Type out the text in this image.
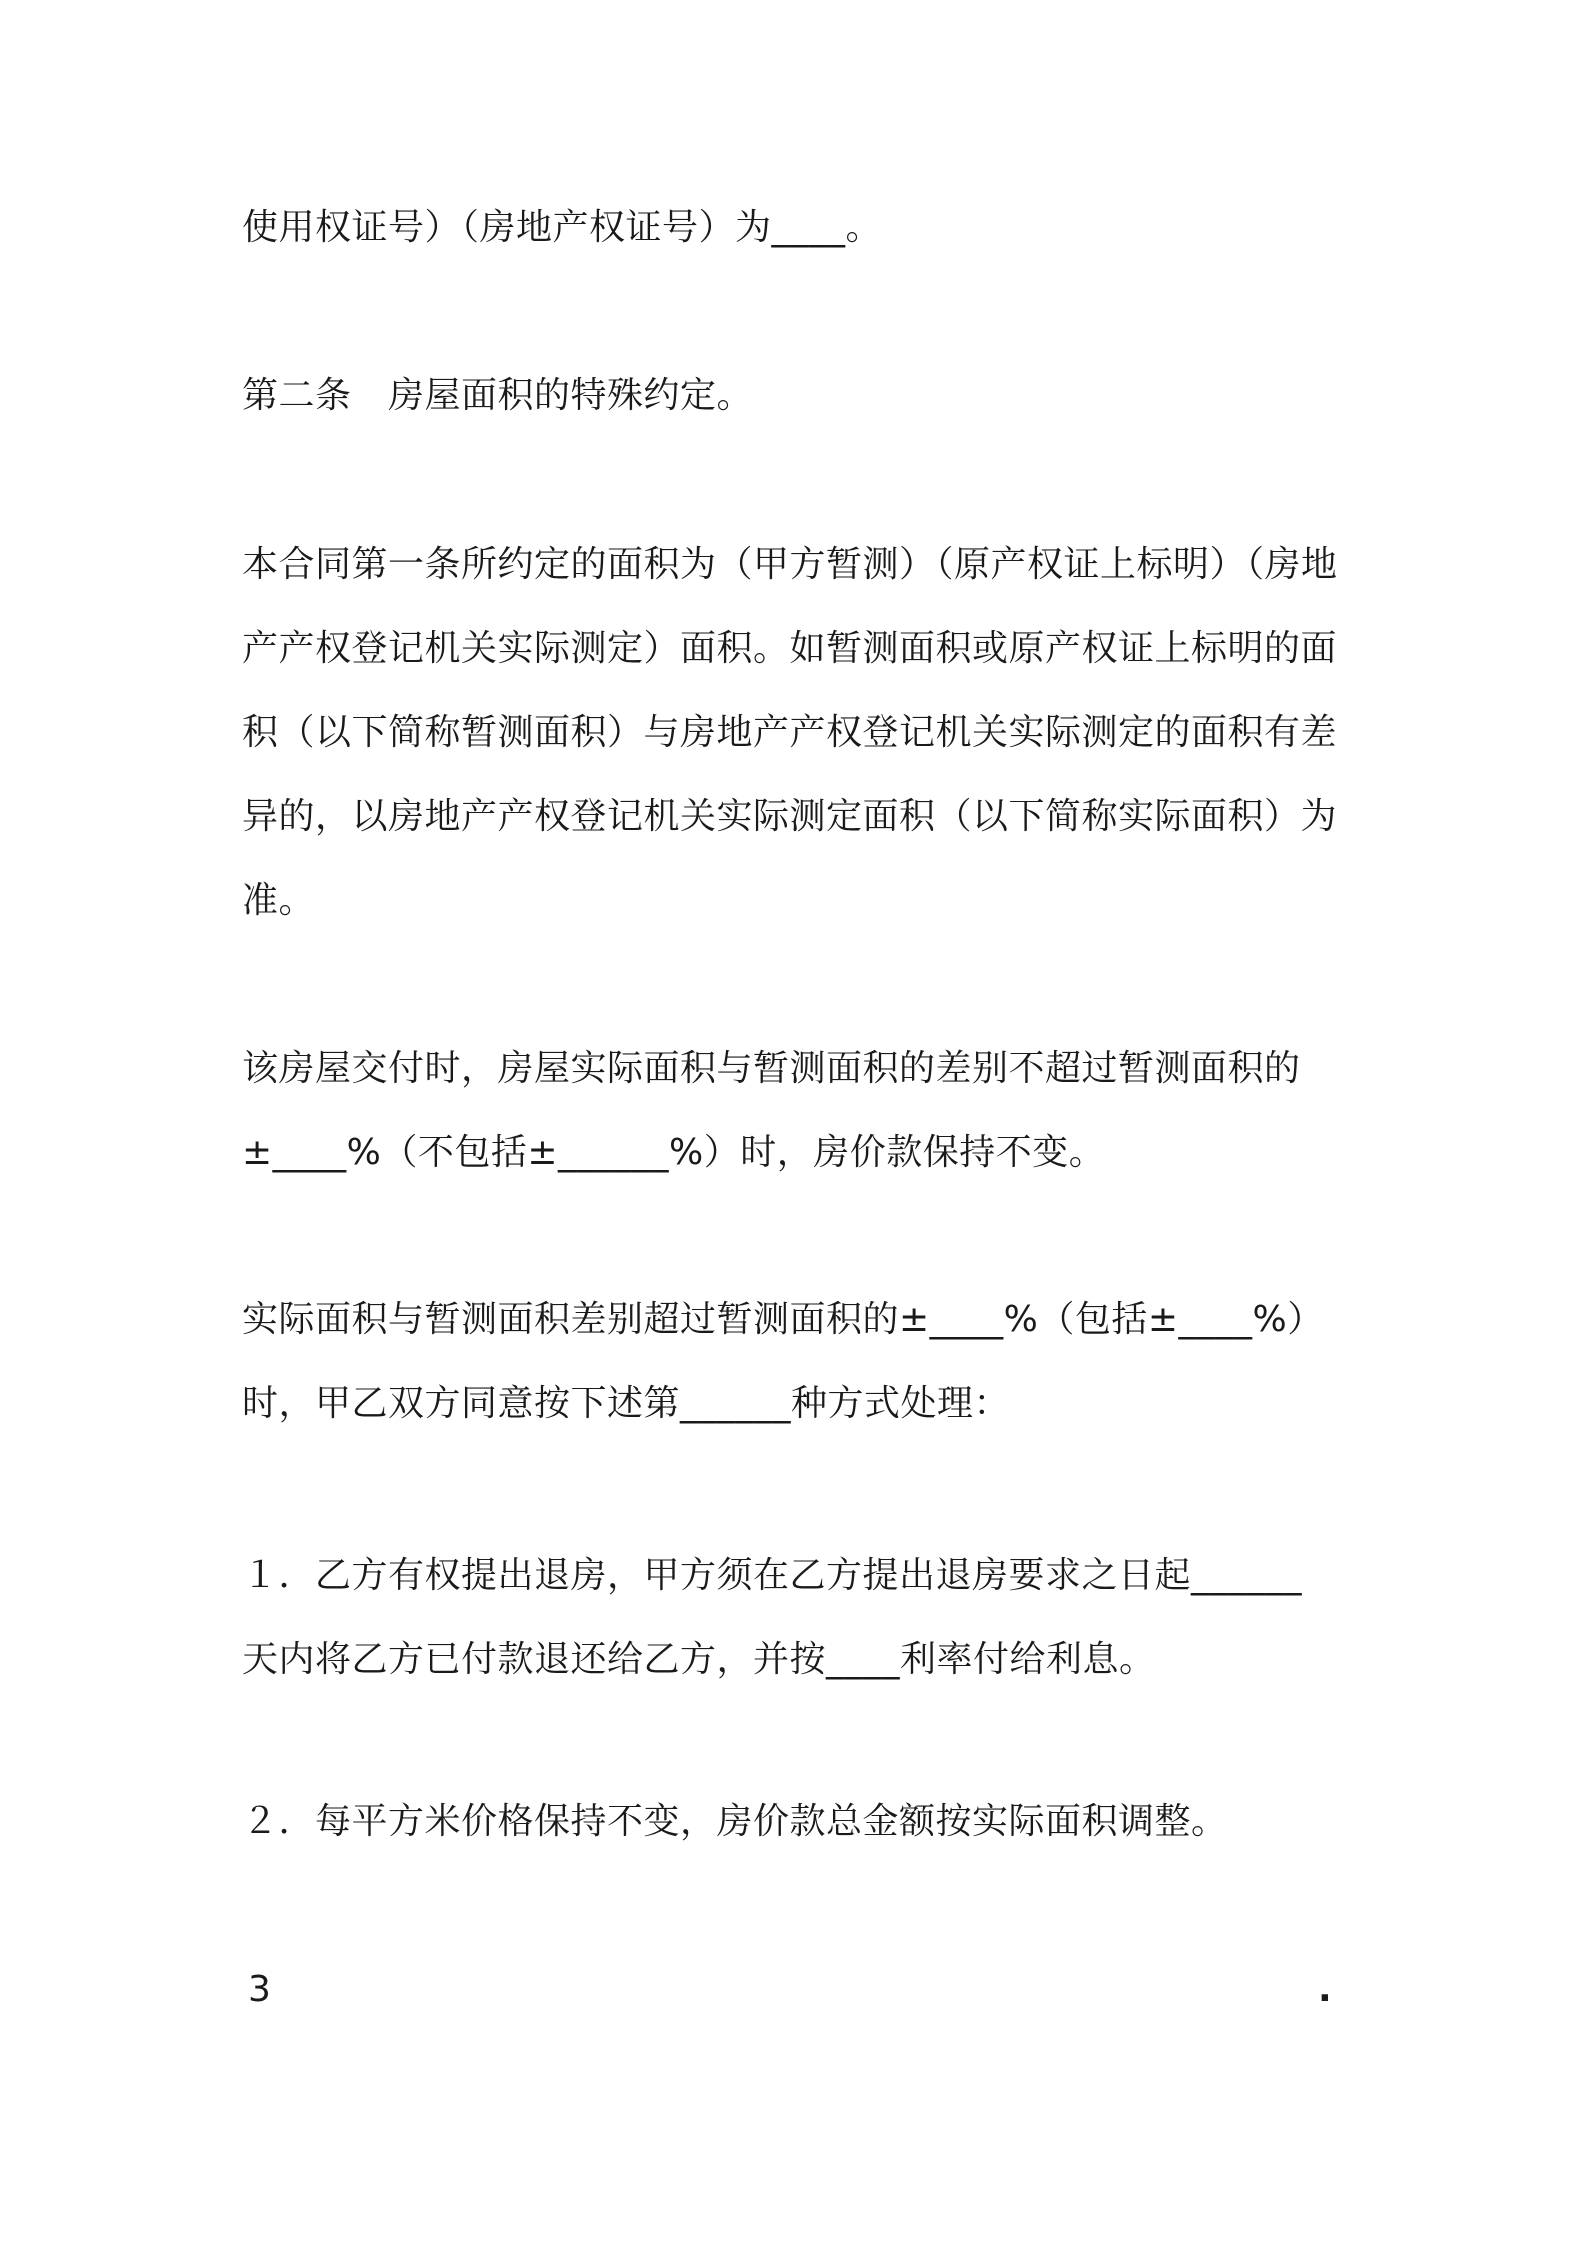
使用权证号）（房地产权证号）为____。

第二条　房屋面积的特殊约定。

本合同第一条所约定的面积为（甲方暂测）（原产权证上标明）（房地
产产权登记机关实际测定）面积。如暂测面积或原产权证上标明的面
积（以下简称暂测面积）与房地产产权登记机关实际测定的面积有差
异的，以房地产产权登记机关实际测定面积（以下简称实际面积）为
准。
该房屋交付时，房屋实际面积与暂测面积的差别不超过暂测面积的
±____%（不包括±______%）时，房价款保持不变。
实际面积与暂测面积差别超过暂测面积的±____%（包括±____%）
时，甲乙双方同意按下述第______种方式处理：
１．乙方有权提出退房，甲方须在乙方提出退房要求之日起______
天内将乙方已付款退还给乙方，并按____利率付给利息。

２．每平方米价格保持不变，房价款总金额按实际面积调整。

3	.
